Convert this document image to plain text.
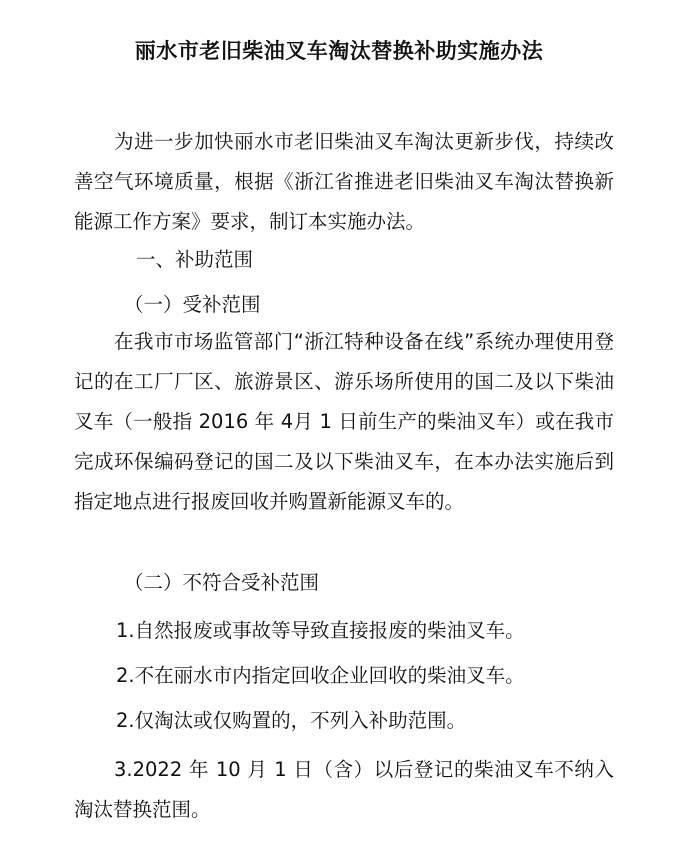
丽水市老旧柴油叉车淘汰替换补助实施办法

为进一步加快丽水市老旧柴油叉车淘汰更新步伐，持续改善空气环境质量，根据《浙江省推进老旧柴油叉车淘汰替换新能源工作方案》要求，制订本实施办法。

一、补助范围

（一）受补范围

在我市市场监管部门“浙江特种设备在线”系统办理使用登记的在工厂厂区、旅游景区、游乐场所使用的国二及以下柴油叉车（一般指 2016 年 4月 1 日前生产的柴油叉车）或在我市完成环保编码登记的国二及以下柴油叉车，在本办法实施后到指定地点进行报废回收并购置新能源叉车的。

（二）不符合受补范围

1.自然报废或事故等导致直接报废的柴油叉车。

2.不在丽水市内指定回收企业回收的柴油叉车。

2.仅淘汰或仅购置的，不列入补助范围。

3.2022 年 10 月 1 日（含）以后登记的柴油叉车不纳入淘汰替换范围。
